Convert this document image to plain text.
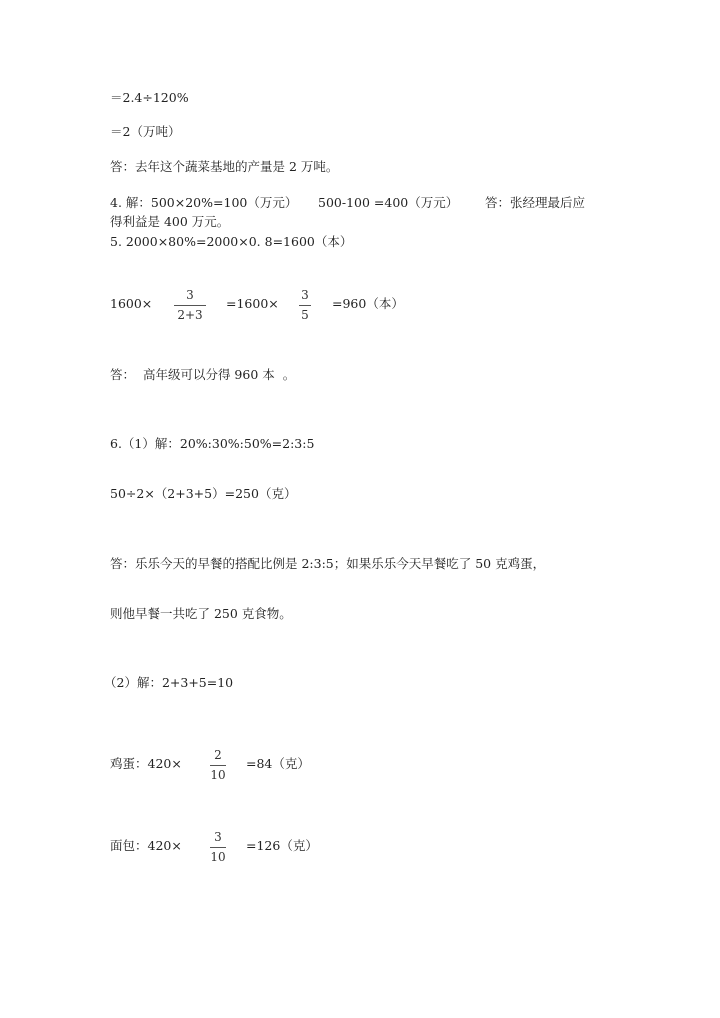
＝2.4÷120%
＝2（万吨）
答：去年这个蔬菜基地的产量是 2 万吨。
4. 解：500×20%=100（万元） 500-100 =400（万元） 答：张经理最后应
得利益是 400 万元。
5. 2000×80%=2000×0. 8=1600（本）
1600×
3
2+3
=1600×
3
5
=960（本）
答：  高年级可以分得 960 本  。
6.（1）解：20%:30%:50%=2:3:5
50÷2×（2+3+5）=250（克）
答：乐乐今天的早餐的搭配比例是 2:3:5；如果乐乐今天早餐吃了 50 克鸡蛋，
则他早餐一共吃了 250 克食物。
（2）解：2+3+5=10
鸡蛋：420×
2
10
=84（克）
面包：420×
3
10
=126（克）
